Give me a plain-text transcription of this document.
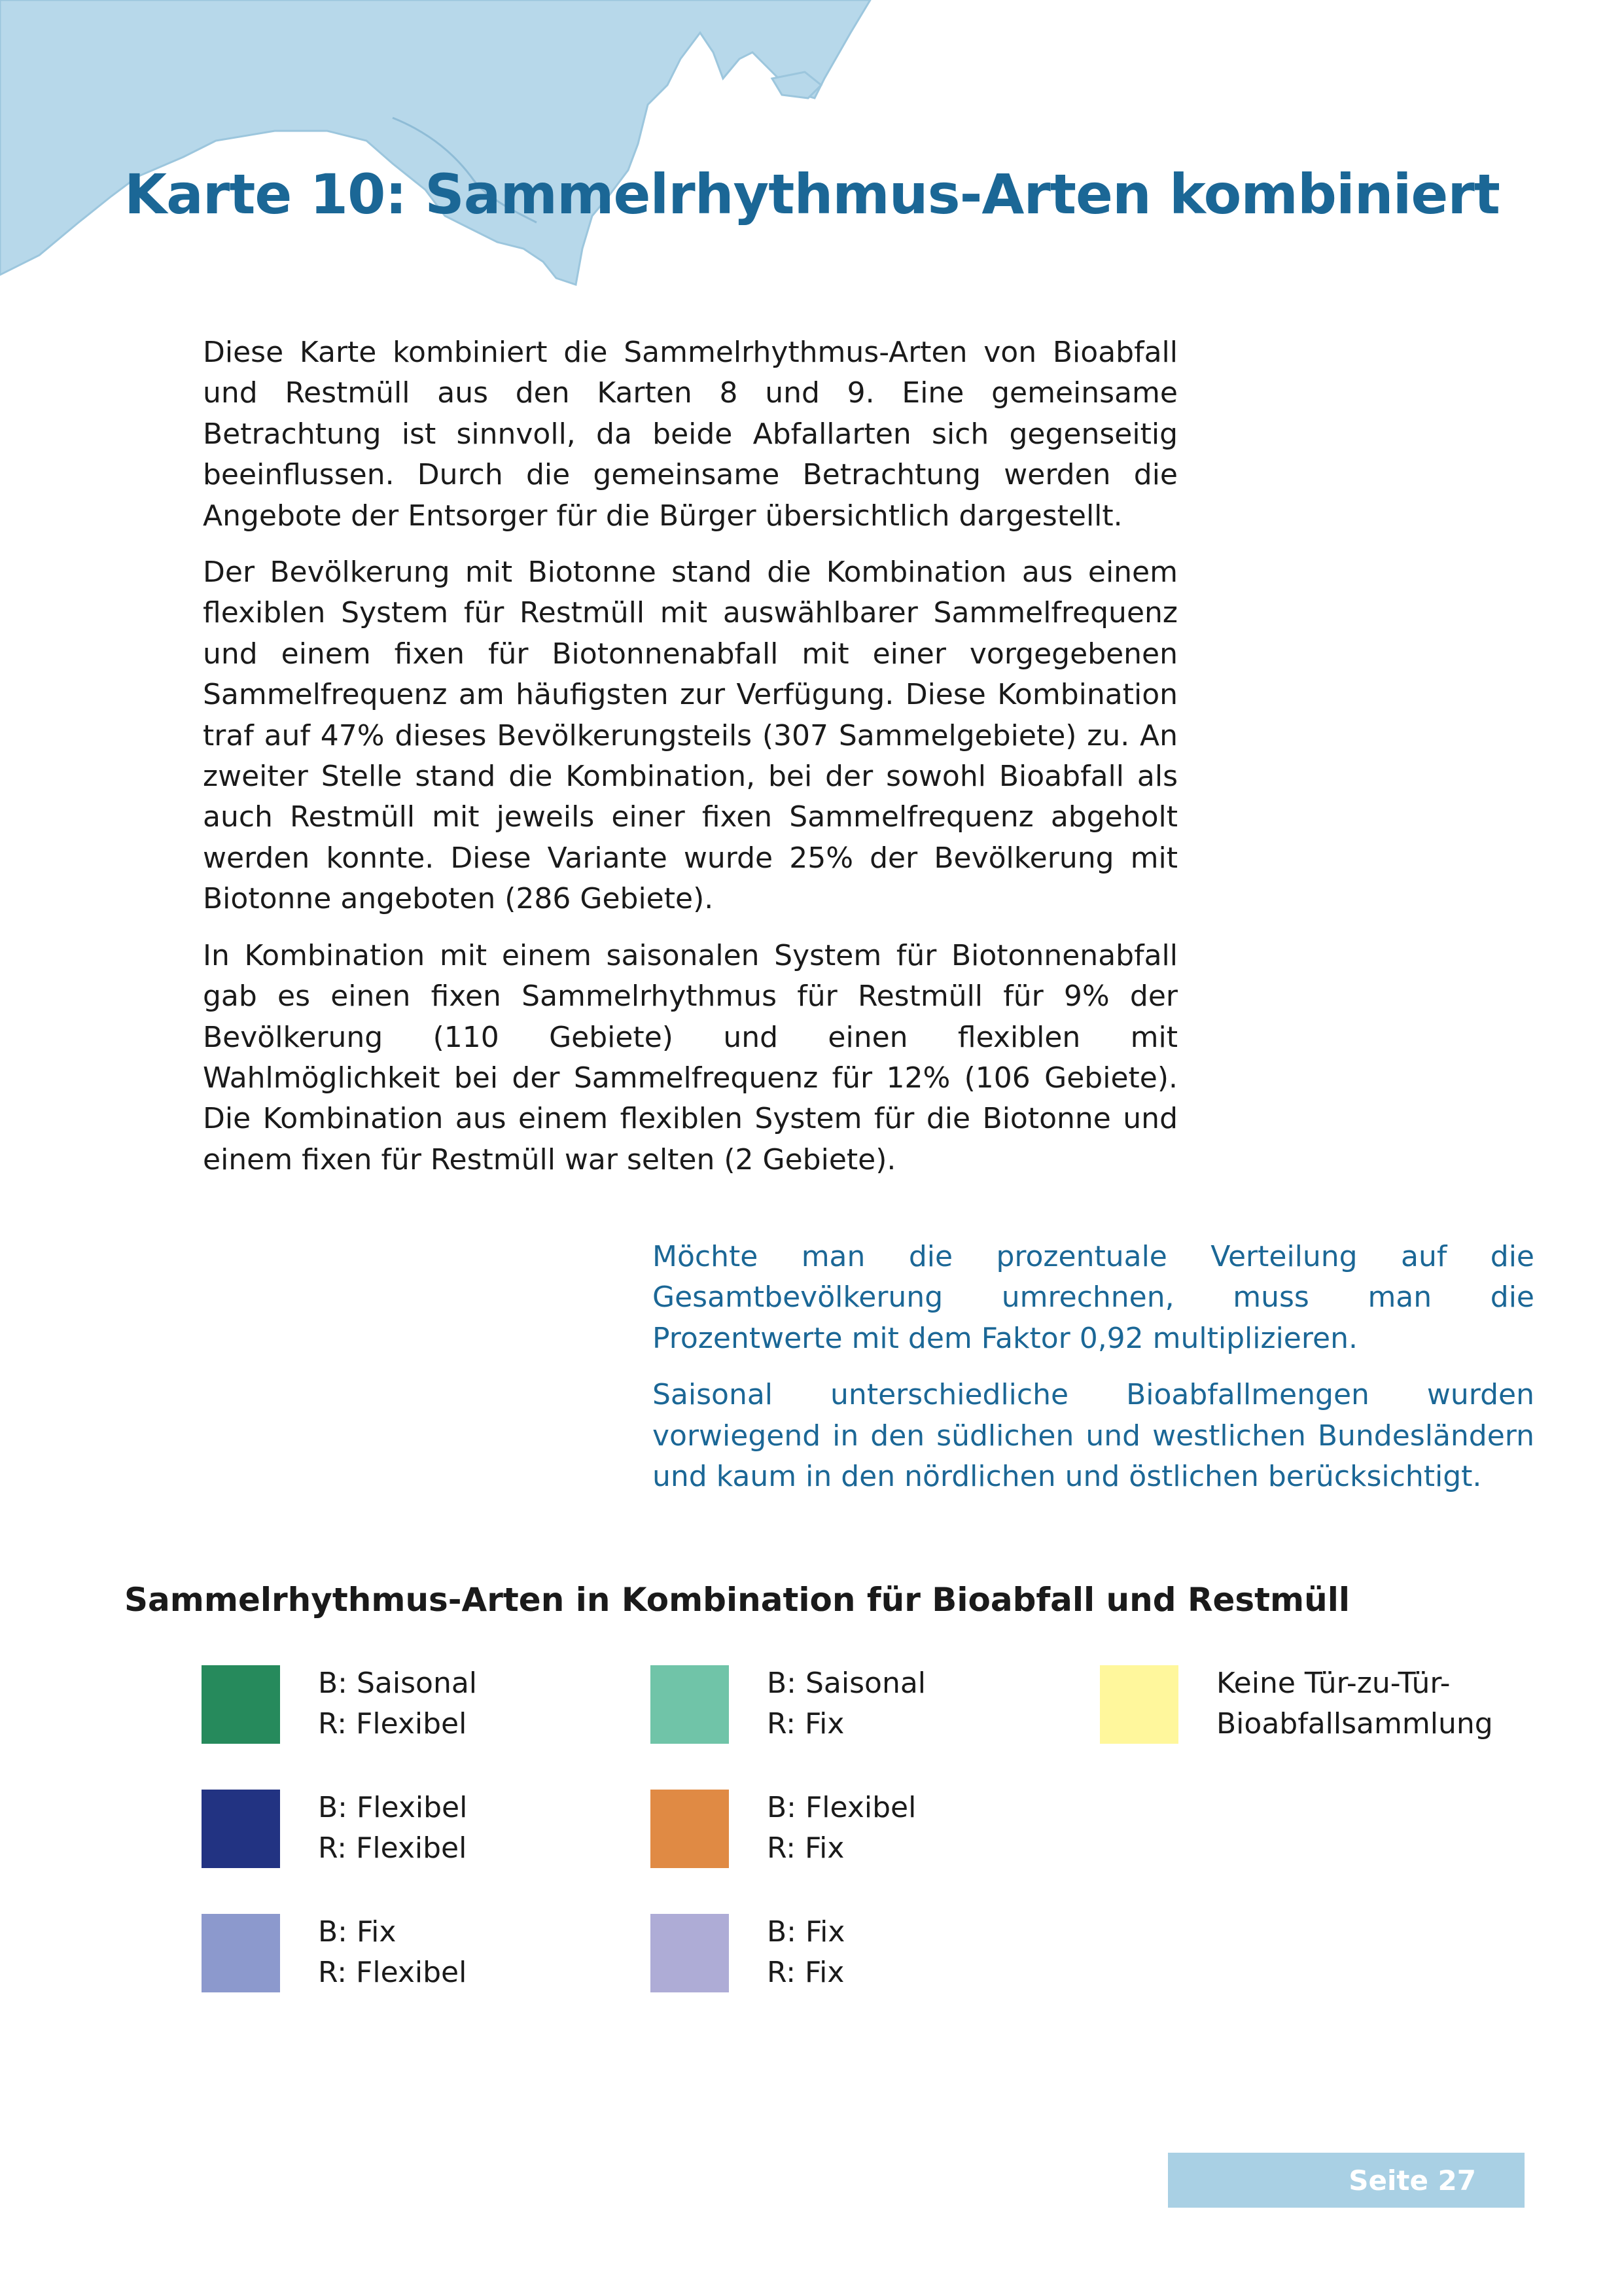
Karte 10: Sammelrhythmus-Arten kombiniert

Diese Karte kombiniert die Sammelrhythmus-Arten von Bioabfall und Restmüll aus den Karten 8 und 9. Eine gemeinsame Betrachtung ist sinnvoll, da beide Abfallarten sich gegenseitig beeinflussen. Durch die gemeinsame Betrachtung werden die Angebote der Entsorger für die Bürger übersichtlich dargestellt.

Der Bevölkerung mit Biotonne stand die Kombination aus einem flexiblen System für Restmüll mit auswählbarer Sammelfrequenz und einem fixen für Biotonnenabfall mit einer vorgegebenen Sammelfrequenz am häufigsten zur Verfügung. Diese Kombination traf auf 47% dieses Bevölkerungsteils (307 Sammelgebiete) zu. An zweiter Stelle stand die Kombination, bei der sowohl Bioabfall als auch Restmüll mit jeweils einer fixen Sammelfrequenz abgeholt werden konnte. Diese Variante wurde 25% der Bevölkerung mit Biotonne angeboten (286 Gebiete).

In Kombination mit einem saisonalen System für Biotonnenabfall gab es einen fixen Sammelrhythmus für Restmüll für 9% der Bevölkerung (110 Gebiete) und einen flexiblen mit Wahlmöglichkeit bei der Sammelfrequenz für 12% (106 Gebiete). Die Kombination aus einem flexiblen System für die Biotonne und einem fixen für Restmüll war selten (2 Gebiete).

Möchte man die prozentuale Verteilung auf die Gesamtbevölkerung umrechnen, muss man die Prozentwerte mit dem Faktor 0,92 multiplizieren.

Saisonal unterschiedliche Bioabfallmengen wurden vorwiegend in den südlichen und westlichen Bundesländern und kaum in den nördlichen und östlichen berücksichtigt.

Sammelrhythmus-Arten in Kombination für Bioabfall und Restmüll
B: Saisonal
R: Flexibel
B: Flexibel
R: Flexibel
B: Fix
R: Flexibel
B: Saisonal
R: Fix
B: Flexibel
R: Fix
B: Fix
R: Fix
Keine Tür-zu-Tür-
Bioabfallsammlung
Seite 27
